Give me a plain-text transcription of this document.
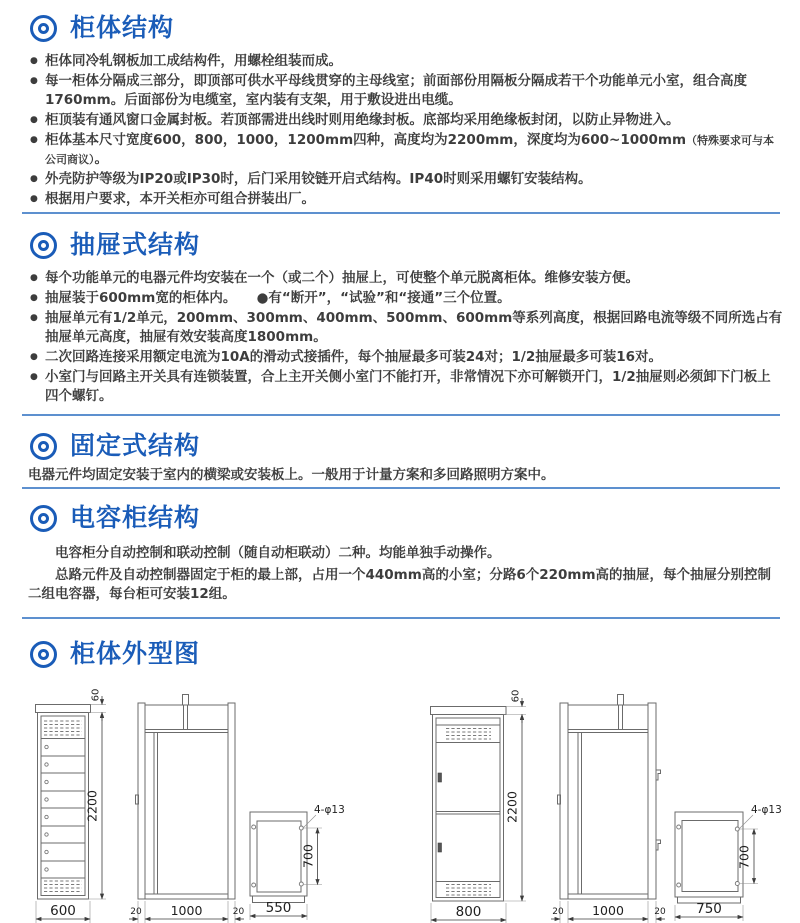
柜体结构
● 柜体同冷轧钢板加工成结构件，用螺栓组装而成。
● 每一柜体分隔成三部分，即顶部可供水平母线贯穿的主母线室；前面部份用隔板分隔成若干个功能单元小室，组合高度1760mm。后面部份为电缆室，室内装有支架，用于敷设进出电缆。
● 柜顶装有通风窗口金属封板。若顶部需进出线时则用绝缘封板。底部均采用绝缘板封闭，以防止异物进入。
● 柜体基本尺寸宽度600，800，1000，1200mm四种，高度均为2200mm，深度均为600~1000mm（特殊要求可与本公司商议）。
● 外壳防护等级为IP20或IP30时，后门采用铰链开启式结构。IP40时则采用螺钉安装结构。
● 根据用户要求，本开关柜亦可组合拼装出厂。
抽屉式结构
● 每个功能单元的电器元件均安装在一个（或二个）抽屉上，可使整个单元脱离柜体。维修安装方便。
● 抽屉装于600mm宽的柜体内。　　●有“断开”，“试验”和“接通”三个位置。
● 抽屉单元有1/2单元，200mm、300mm、400mm、500mm、600mm等系列高度，根据回路电流等级不同所选占有抽屉单元高度，抽屉有效安装高度1800mm。
● 二次回路连接采用额定电流为10A的滑动式接插件，每个抽屉最多可装24对；1/2抽屉最多可装16对。
● 小室门与回路主开关具有连锁装置，合上主开关侧小室门不能打开，非常情况下亦可解锁开门，1/2抽屉则必须卸下门板上四个螺钉。
固定式结构

电器元件均固定安装于室内的横梁或安装板上。一般用于计量方案和多回路照明方案中。

电容柜结构

电容柜分自动控制和联动控制（随自动柜联动）二种。均能单独手动操作。

总路元件及自动控制器固定于柜的最上部，占用一个440mm高的小室；分路6个220mm高的抽屉，每个抽屉分别控制二组电容器，每台柜可安装12组。

柜体外型图
60
2200
600	20 1000	20
4-φ13
700
550
60
2200
800	20 1000	20
4-φ13
700
750
